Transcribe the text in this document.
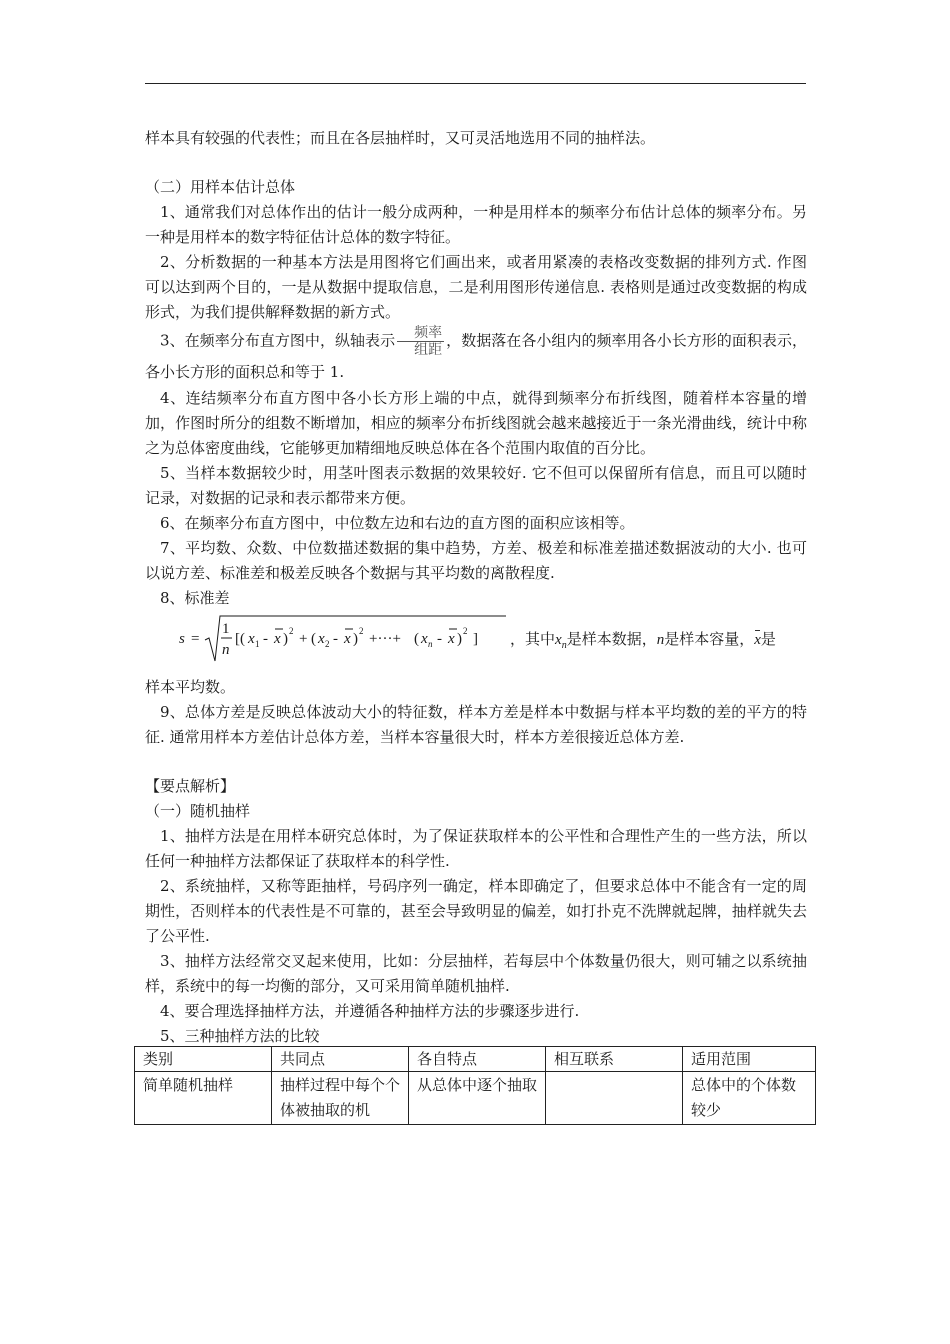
样本具有较强的代表性；而且在各层抽样时，又可灵活地选用不同的抽样法。

（二）用样本估计总体

1、通常我们对总体作出的估计一般分成两种，一种是用样本的频率分布估计总体的频率分布。另一种是用样本的数字特征估计总体的数字特征。

2、分析数据的一种基本方法是用图将它们画出来，或者用紧凑的表格改变数据的排列方式. 作图可以达到两个目的，一是从数据中提取信息，二是利用图形传递信息. 表格则是通过改变数据的构成形式，为我们提供解释数据的新方式。

3、在频率分布直方图中，纵轴表示 $\frac{\text{频率}}{\text{组距}}$ ，数据落在各小组内的频率用各小长方形的面积表示，各小长方形的面积总和等于 1.

4、连结频率分布直方图中各小长方形上端的中点，就得到频率分布折线图，随着样本容量的增加，作图时所分的组数不断增加，相应的频率分布折线图就会越来越接近于一条光滑曲线，统计中称之为总体密度曲线，它能够更加精细地反映总体在各个范围内取值的百分比。

5、当样本数据较少时，用茎叶图表示数据的效果较好. 它不但可以保留所有信息，而且可以随时记录，对数据的记录和表示都带来方便。

6、在频率分布直方图中，中位数左边和右边的直方图的面积应该相等。

7、平均数、众数、中位数描述数据的集中趋势，方差、极差和标准差描述数据波动的大小. 也可以说方差、标准差和极差反映各个数据与其平均数的离散程度.

8、标准差

s =
1
n
[( x 1 - x ) 2 + ( x 2 - x ) 2 +···+ ( x n - x ) 2 ] ，其中$x_n$是样本数据，n是样本容量，x是

样本平均数。

9、总体方差是反映总体波动大小的特征数，样本方差是样本中数据与样本平均数的差的平方的特征. 通常用样本方差估计总体方差，当样本容量很大时，样本方差很接近总体方差.

【要点解析】

（一）随机抽样

1、抽样方法是在用样本研究总体时，为了保证获取样本的公平性和合理性产生的一些方法，所以任何一种抽样方法都保证了获取样本的科学性.

2、系统抽样，又称等距抽样，号码序列一确定，样本即确定了，但要求总体中不能含有一定的周期性，否则样本的代表性是不可靠的，甚至会导致明显的偏差，如打扑克不洗牌就起牌，抽样就失去了公平性.

3、抽样方法经常交叉起来使用，比如：分层抽样，若每层中个体数量仍很大，则可辅之以系统抽样，系统中的每一均衡的部分，又可采用简单随机抽样.

4、要合理选择抽样方法，并遵循各种抽样方法的步骤逐步进行.

5、三种抽样方法的比较

类别	共同点	各自特点	相互联系	适用范围
简单随机抽样	抽样过程中每个个体被抽取的机	从总体中逐个抽取		总体中的个体数较少
